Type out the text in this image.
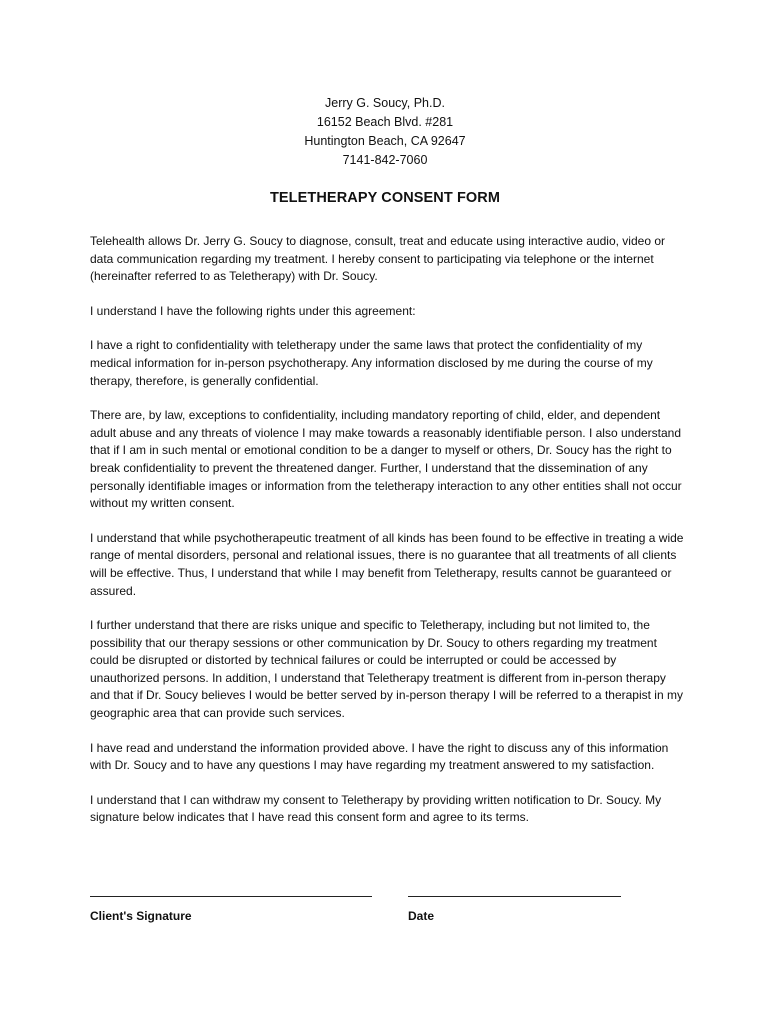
Jerry G. Soucy, Ph.D.
16152 Beach Blvd. #281
Huntington Beach, CA 92647
7141-842-7060
TELETHERAPY CONSENT FORM

Telehealth allows Dr. Jerry G. Soucy to diagnose, consult, treat and educate using interactive audio, video or data communication regarding my treatment. I hereby consent to participating via telephone or the internet (hereinafter referred to as Teletherapy) with Dr. Soucy.

I understand I have the following rights under this agreement:

I have a right to confidentiality with teletherapy under the same laws that protect the confidentiality of my medical information for in-person psychotherapy. Any information disclosed by me during the course of my therapy, therefore, is generally confidential.

There are, by law, exceptions to confidentiality, including mandatory reporting of child, elder, and dependent adult abuse and any threats of violence I may make towards a reasonably identifiable person. I also understand that if I am in such mental or emotional condition to be a danger to myself or others, Dr. Soucy has the right to break confidentiality to prevent the threatened danger. Further, I understand that the dissemination of any personally identifiable images or information from the teletherapy interaction to any other entities shall not occur without my written consent.

I understand that while psychotherapeutic treatment of all kinds has been found to be effective in treating a wide range of mental disorders, personal and relational issues, there is no guarantee that all treatments of all clients will be effective. Thus, I understand that while I may benefit from Teletherapy, results cannot be guaranteed or assured.

I further understand that there are risks unique and specific to Teletherapy, including but not limited to, the possibility that our therapy sessions or other communication by Dr. Soucy to others regarding my treatment could be disrupted or distorted by technical failures or could be interrupted or could be accessed by unauthorized persons. In addition, I understand that Teletherapy treatment is different from in-person therapy and that if Dr. Soucy believes I would be better served by in-person therapy I will be referred to a therapist in my geographic area that can provide such services.

I have read and understand the information provided above. I have the right to discuss any of this information with Dr. Soucy and to have any questions I may have regarding my treatment answered to my satisfaction.

I understand that I can withdraw my consent to Teletherapy by providing written notification to Dr. Soucy. My signature below indicates that I have read this consent form and agree to its terms.

Client's Signature	Date
